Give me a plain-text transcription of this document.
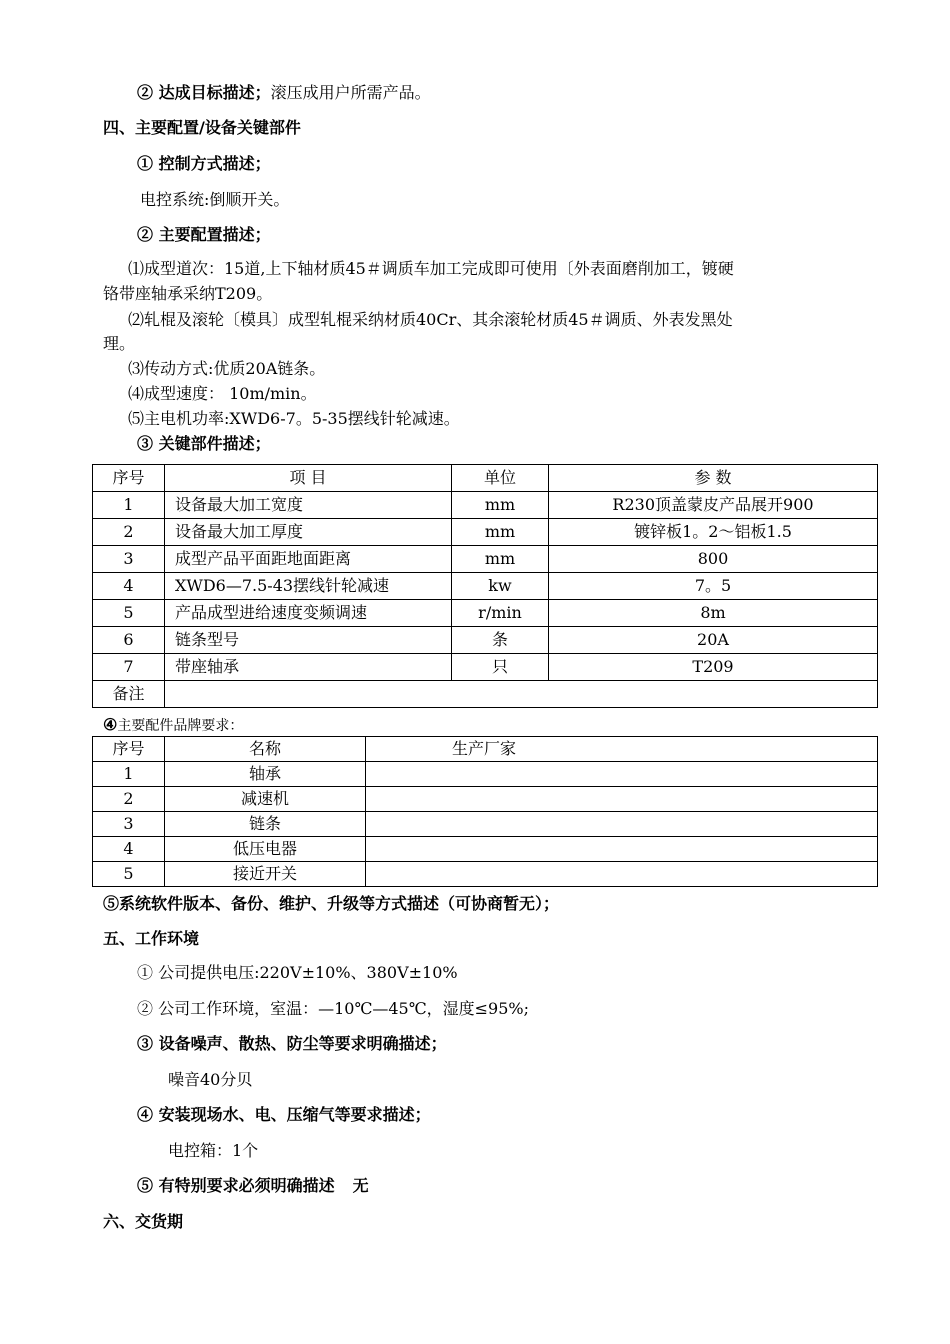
② 达成目标描述；滚压成用户所需产品。
四、主要配置/设备关键部件
① 控制方式描述；
电控系统:倒顺开关。
② 主要配置描述；
⑴成型道次：15道,上下轴材质45＃调质车加工完成即可使用〔外表面磨削加工，镀硬
铬带座轴承采纳T209。
⑵轧棍及滚轮〔模具〕成型轧棍采纳材质40Cr、其余滚轮材质45＃调质、外表发黑处
理。
⑶传动方式:优质20A链条。
⑷成型速度： 10m/min。
⑸主电机功率:XWD6-7。5-35摆线针轮减速。
③ 关键部件描述；
序号	项 目	单位	参 数
1	设备最大加工宽度	mm	R230顶盖蒙皮产品展开900
2	设备最大加工厚度	mm	镀锌板1。2～铝板1.5
3	成型产品平面距地面距离	mm	800
4	XWD6—7.5-43摆线针轮减速	kw	7。5
5	产品成型进给速度变频调速	r/min	8m
6	链条型号	条	20A
7	带座轴承	只	T209
备注			
④主要配件品牌要求：
序号	名称	生产厂家
1	轴承	
2	减速机	
3	链条	
4	低压电器	
5	接近开关	
⑤系统软件版本、备份、维护、升级等方式描述（可协商暂无）；
五、工作环境
① 公司提供电压:220V±10%、380V±10%
② 公司工作环境，室温：—10℃—45℃，湿度≤95%;
③ 设备噪声、散热、防尘等要求明确描述；
噪音40分贝
④ 安装现场水、电、压缩气等要求描述；
电控箱：1个
⑤ 有特别要求必须明确描述 无
六、交货期
